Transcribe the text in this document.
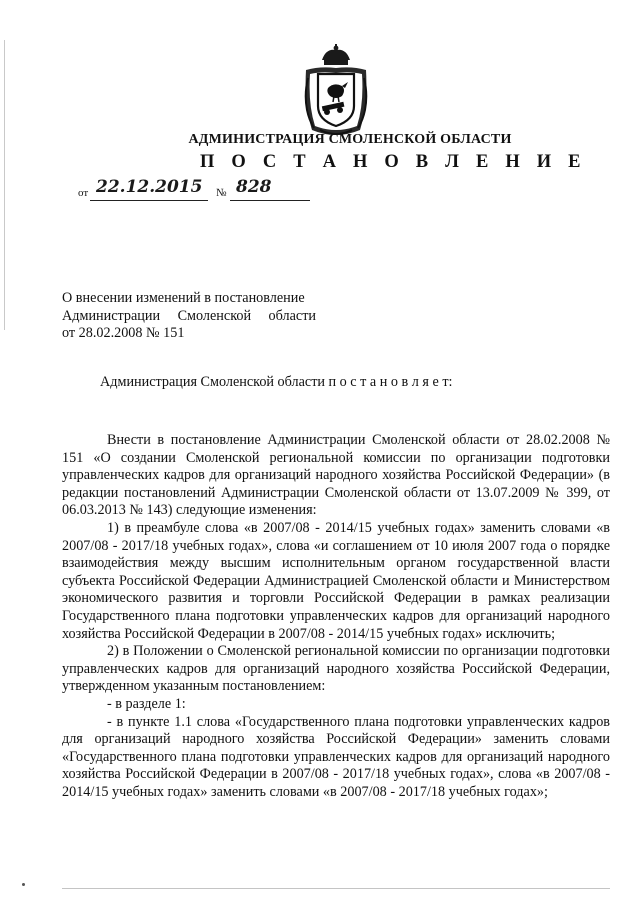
АДМИНИСТРАЦИЯ СМОЛЕНСКОЙ ОБЛАСТИ
П О С Т А Н О В Л Е Н И Е
от 22.12.2015 № 828
О внесении изменений в постановление
Администрации Смоленской области
от 28.02.2008 № 151
Администрация Смоленской области п о с т а н о в л я е т:

Внести в постановление Администрации Смоленской области от 28.02.2008 № 151 «О создании Смоленской региональной комиссии по организации подготовки управленческих кадров для организаций народного хозяйства Российской Федерации» (в редакции постановлений Администрации Смоленской области от 13.07.2009 № 399, от 06.03.2013 № 143) следующие изменения:

1) в преамбуле слова «в 2007/08 - 2014/15 учебных годах» заменить словами «в 2007/08 - 2017/18 учебных годах», слова «и соглашением от 10 июля 2007 года о порядке взаимодействия между высшим исполнительным органом государственной власти субъекта Российской Федерации Администрацией Смоленской области и Министерством экономического развития и торговли Российской Федерации в рамках реализации Государственного плана подготовки управленческих кадров для организаций народного хозяйства Российской Федерации в 2007/08 - 2014/15 учебных годах» исключить;

2) в Положении о Смоленской региональной комиссии по организации подготовки управленческих кадров для организаций народного хозяйства Российской Федерации, утвержденном указанным постановлением:

- в разделе 1:

- в пункте 1.1 слова «Государственного плана подготовки управленческих кадров для организаций народного хозяйства Российской Федерации» заменить словами «Государственного плана подготовки управленческих кадров для организаций народного хозяйства Российской Федерации в 2007/08 - 2017/18 учебных годах», слова «в 2007/08 - 2014/15 учебных годах» заменить словами «в 2007/08 - 2017/18 учебных годах»;
